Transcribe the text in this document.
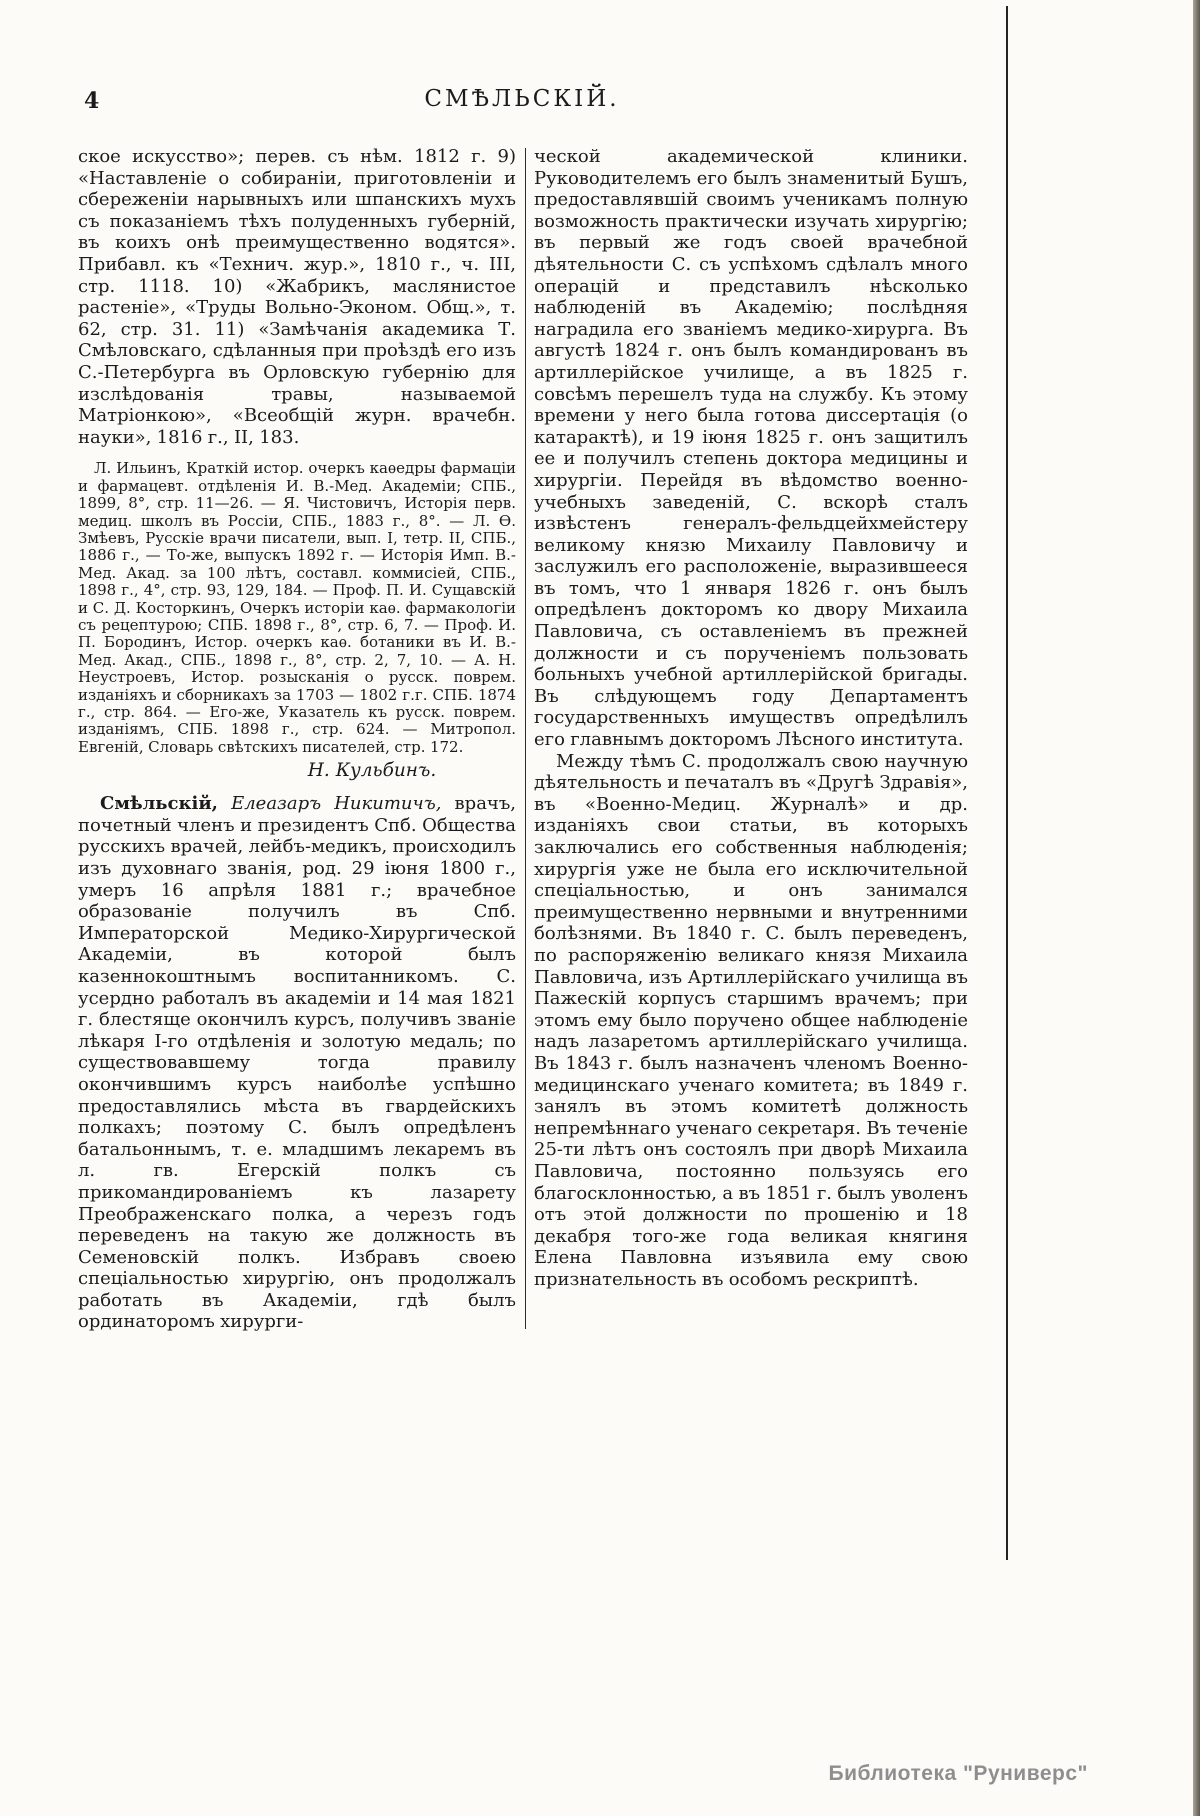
4	СМѢЛЬСКІЙ.

ское искусство»; перев. съ нѣм. 1812 г. 9) «Наставленіе о собираніи, приготовленіи и сбереженіи нарывныхъ или шпанскихъ мухъ съ показаніемъ тѣхъ полуденныхъ губерній, въ коихъ онѣ преимущественно водятся». Прибавл. къ «Технич. жур.», 1810 г., ч. III, стр. 1118. 10) «Жабрикъ, маслянистое растеніе», «Труды Вольно-Эконом. Общ.», т. 62, стр. 31. 11) «Замѣчанія академика Т. Смѣловскаго, сдѣланныя при проѣздѣ его изъ С.-Петербурга въ Орловскую губернію для изслѣдованія травы, называемой Матріонкою», «Всеобщій журн. врачебн. науки», 1816 г., II, 183.

Л. Ильинъ, Краткій истор. очеркъ каѳедры фармаціи и фармацевт. отдѣленія И. В.-Мед. Академіи; СПБ., 1899, 8°, стр. 11—26. — Я. Чистовичъ, Исторія перв. медиц. школъ въ Россіи, СПБ., 1883 г., 8°. — Л. Ѳ. Змѣевъ, Русскіе врачи писатели, вып. I, тетр. II, СПБ., 1886 г., — То-же, выпускъ 1892 г. — Исторія Имп. В.-Мед. Акад. за 100 лѣтъ, составл. коммисіей, СПБ., 1898 г., 4°, стр. 93, 129, 184. — Проф. П. И. Сущавскій и С. Д. Косторкинъ, Очеркъ исторіи каѳ. фармакологіи съ рецептурою; СПБ. 1898 г., 8°, стр. 6, 7. — Проф. И. П. Бородинъ, Истор. очеркъ каѳ. ботаники въ И. В.-Мед. Акад., СПБ., 1898 г., 8°, стр. 2, 7, 10. — А. Н. Неустроевъ, Истор. розысканія о русск. поврем. изданіяхъ и сборникахъ за 1703 — 1802 г.г. СПБ. 1874 г., стр. 864. — Его-же, Указатель къ русск. поврем. изданіямъ, СПБ. 1898 г., стр. 624. — Митропол. Евгеній, Словарь свѣтскихъ писателей, стр. 172.

Н. Кульбинъ.

Смѣльскій, Елеазаръ Никитичъ, врачъ, почетный членъ и президентъ Спб. Общества русскихъ врачей, лейбъ-медикъ, происходилъ изъ духовнаго званія, род. 29 іюня 1800 г., умеръ 16 апрѣля 1881 г.; врачебное образованіе получилъ въ Спб. Императорской Медико-Хирургической Академіи, въ которой былъ казеннокоштнымъ воспитанникомъ. С. усердно работалъ въ академіи и 14 мая 1821 г. блестяще окончилъ курсъ, получивъ званіе лѣкаря I-го отдѣленія и золотую медаль; по существовавшему тогда правилу окончившимъ курсъ наиболѣе успѣшно предоставлялись мѣста въ гвардейскихъ полкахъ; поэтому С. былъ опредѣленъ батальоннымъ, т. е. младшимъ лекаремъ въ л. гв. Егерскій полкъ съ прикомандированіемъ къ лазарету Преображенскаго полка, а черезъ годъ переведенъ на такую же должность въ Семеновскій полкъ. Избравъ своею спеціальностью хирургію, онъ продолжалъ работать въ Академіи, гдѣ былъ ординаторомъ хирурги-

ческой академической клиники. Руководителемъ его былъ знаменитый Бушъ, предоставлявшій своимъ ученикамъ полную возможность практически изучать хирургію; въ первый же годъ своей врачебной дѣятельности С. съ успѣхомъ сдѣлалъ много операцій и представилъ нѣсколько наблюденій въ Академію; послѣдняя наградила его званіемъ медико-хирурга. Въ августѣ 1824 г. онъ былъ командированъ въ артиллерійское училище, а въ 1825 г. совсѣмъ перешелъ туда на службу. Къ этому времени у него была готова диссертація (о катарактѣ), и 19 іюня 1825 г. онъ защитилъ ее и получилъ степень доктора медицины и хирургіи. Перейдя въ вѣдомство военно-учебныхъ заведеній, С. вскорѣ сталъ извѣстенъ генералъ-фельдцейхмейстеру великому князю Михаилу Павловичу и заслужилъ его расположеніе, выразившееся въ томъ, что 1 января 1826 г. онъ былъ опредѣленъ докторомъ ко двору Михаила Павловича, съ оставленіемъ въ прежней должности и съ порученіемъ пользовать больныхъ учебной артиллерійской бригады. Въ слѣдующемъ году Департаментъ государственныхъ имуществъ опредѣлилъ его главнымъ докторомъ Лѣсного института.

Между тѣмъ С. продолжалъ свою научную дѣятельность и печаталъ въ «Другѣ Здравія», въ «Военно-Медиц. Журналѣ» и др. изданіяхъ свои статьи, въ которыхъ заключались его собственныя наблюденія; хирургія уже не была его исключительной спеціальностью, и онъ занимался преимущественно нервными и внутренними болѣзнями. Въ 1840 г. С. былъ переведенъ, по распоряженію великаго князя Михаила Павловича, изъ Артиллерійскаго училища въ Пажескій корпусъ старшимъ врачемъ; при этомъ ему было поручено общее наблюденіе надъ лазаретомъ артиллерійскаго училища. Въ 1843 г. былъ назначенъ членомъ Военно-медицинскаго ученаго комитета; въ 1849 г. занялъ въ этомъ комитетѣ должность непремѣннаго ученаго секретаря. Въ теченіе 25-ти лѣтъ онъ состоялъ при дворѣ Михаила Павловича, постоянно пользуясь его благосклонностью, а въ 1851 г. былъ уволенъ отъ этой должности по прошенію и 18 декабря того-же года великая княгиня Елена Павловна изъявила ему свою признательность въ особомъ рескриптѣ.

Библиотека "Руниверс"
